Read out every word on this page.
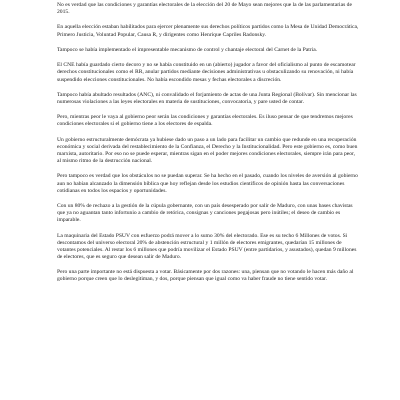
No es verdad que las condiciones y garantías electorales de la elección del 20 de Mayo sean mejores que la de las parlamentarias de 2015.

En aquella elección estaban habilitados para ejercer plenamente sus derechos políticos partidos como la Mesa de Unidad Democrática, Primero Justicia, Voluntad Popular, Causa R, y dirigentes como Henrique Capriles Radonsky.

Tampoco se había implementado el impresentable mecanismo de control y chantaje electoral del Carnet de la Patria.

El CNE había guardado cierto decoro y no se había constituido en un (abierto) jugador a favor del oficialismo al punto de escamotear derechos constitucionales como el RR, anular partidos mediante decisiones administrativas u obstaculizando su renovación, ni había suspendido elecciones constitucionales. No había escondido mesas y fechas electorales a discreción.

Tampoco había abultado resultados (ANC), ni convalidado el forjamiento de actas de una Junta Regional (Bolívar). Sin mencionar las numerosas violaciones a las leyes electorales en materia de sustituciones, convocatoria, y pare usted de contar.

Pero, mientras peor le vaya al gobierno peor serán las condiciones y garantías electorales. Es iluso pensar de que tendremos mejores condiciones electorales si el gobierno tiene a los electores de espalda.

Un gobierno estructuralmente demócrata ya hubiese dado un paso a un lado para facilitar un cambio que redunde en una recuperación económica y social derivada del restablecimiento de la Confianza, el Derecho y la Institucionalidad. Pero este gobierno es, como buen marxista, autoritario. Por eso no se puede esperar, mientras sigan en el poder mejores condiciones electorales, siempre irán para peor, al mismo ritmo de la destrucción nacional.

Pero tampoco es verdad que los obstáculos no se puedan superar. Se ha hecho en el pasado, cuando los niveles de aversión al gobierno aun no habían alcanzado la dimensión bíblica que hoy reflejan desde los estudios científicos de opinión hasta las conversaciones cotidianas en todos los espacios y oportunidades.

Con un 80% de rechazo a la gestión de la cúpula gobernante, con un país desesperado por salir de Maduro, con unas bases chavistas que ya no aguantan tanto infortunio a cambio de retórica, consignas y canciones pegajosas pero inútiles; el deseo de cambio es imparable.

La maquinaria del Estado PSUV con esfuerzo podrá mover a lo sumo 30% del electorado. Ese es su techo 6 Millones de votos. Si descontamos del universo electoral 20% de abstención estructural y 1 millón de electores emigrantes, quedarían 15 millones de votantes potenciales. Al restar los 6 millones que podría movilizar el Estado PSUV (entre partidarios, y asustados), quedan 9 millones de electores, que es seguro que desean salir de Maduro.

Pero una parte importante no está dispuesta a votar. Básicamente por dos razones: una, piensan que no votando le hacen más daño al gobierno porque creen que lo deslegitiman, y dos, porque piensan que igual como va haber fraude no tiene sentido votar.
